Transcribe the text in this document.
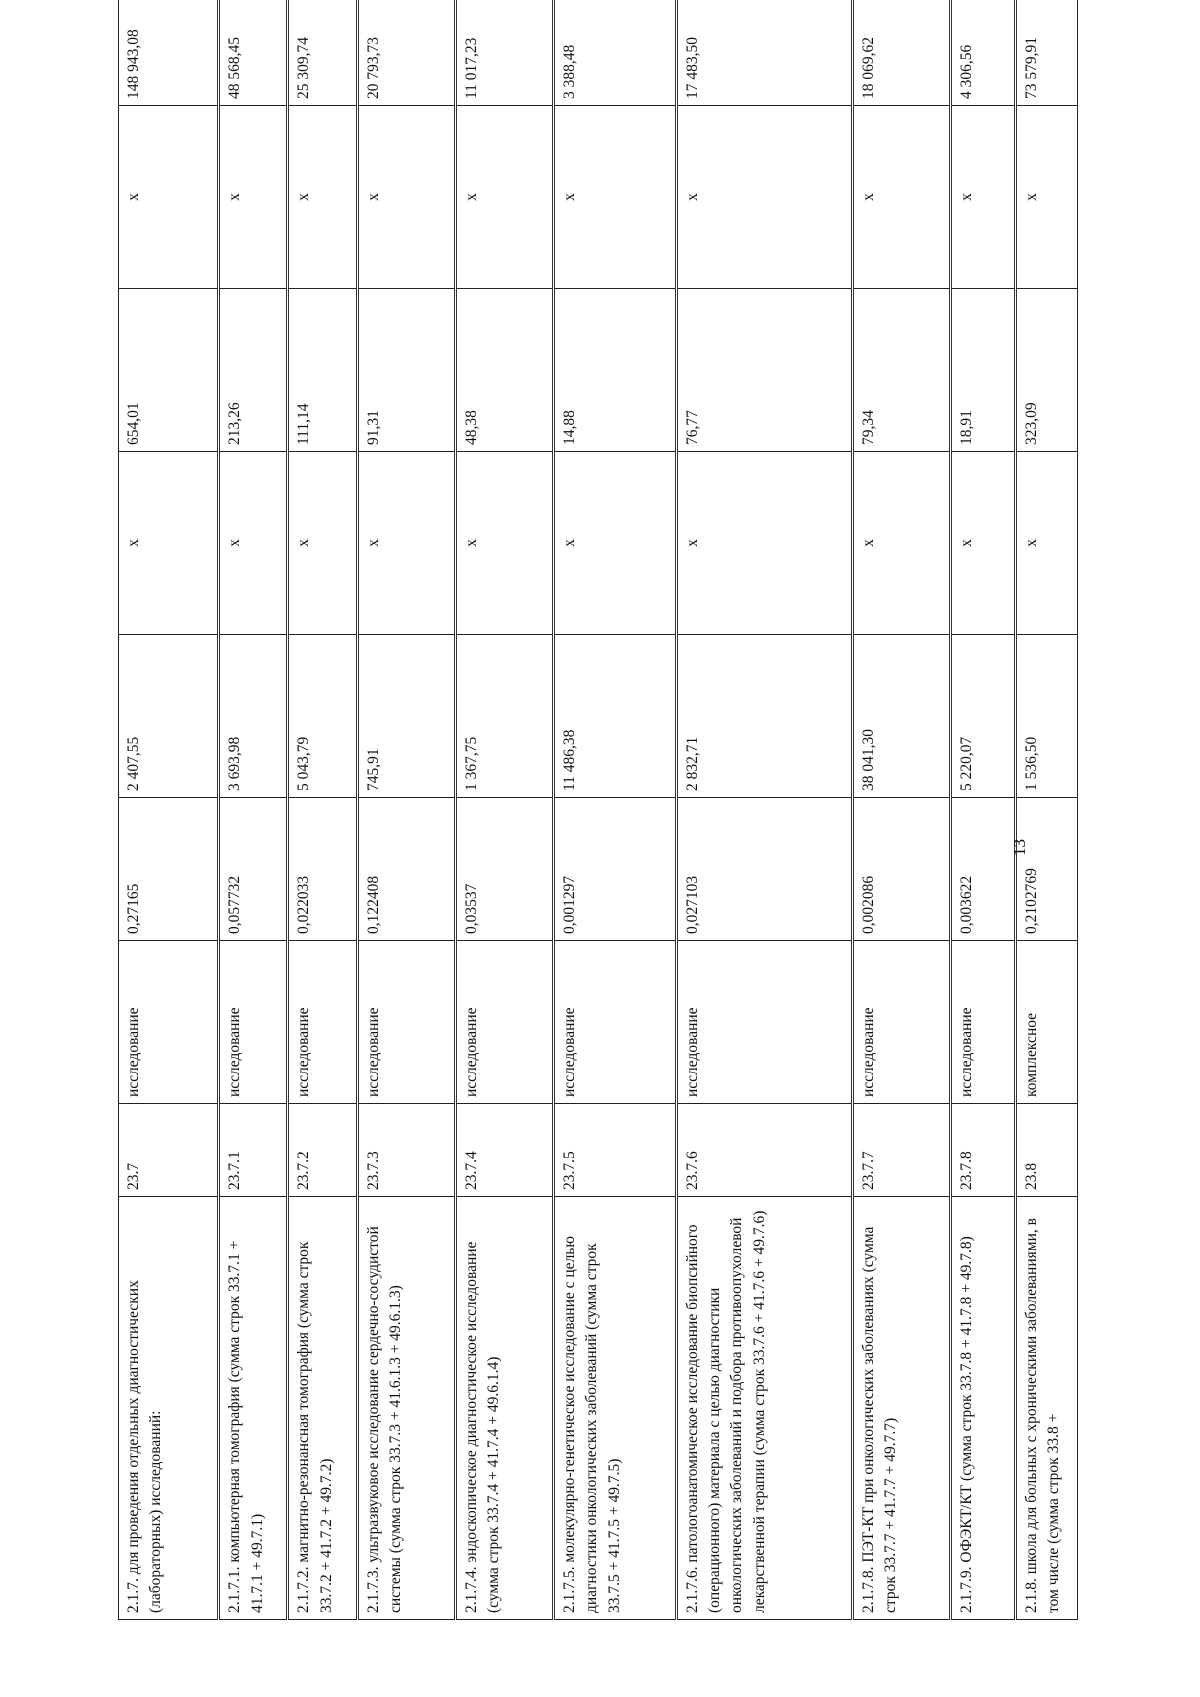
2.1.7. для проведения отдельных диагностических (лабораторных) исследований:	23.7	исследование	0,27165	2 407,55	x	654,01	x	148 943,08	
2.1.7.1. компьютерная томография (сумма строк 33.7.1 + 41.7.1 + 49.7.1)	23.7.1	исследование	0,057732	3 693,98	x	213,26	x	48 568,45	
2.1.7.2. магнитно-резонансная томография (сумма строк 33.7.2 + 41.7.2 + 49.7.2)	23.7.2	исследование	0,022033	5 043,79	x	111,14	x	25 309,74	
2.1.7.3. ультразвуковое исследование сердечно-сосудистой системы (сумма строк 33.7.3 + 41.6.1.3 + 49.6.1.3)	23.7.3	исследование	0,122408	745,91	x	91,31	x	20 793,73	
2.1.7.4. эндоскопическое диагностическое исследование (сумма строк 33.7.4 + 41.7.4 + 49.6.1.4)	23.7.4	исследование	0,03537	1 367,75	x	48,38	x	11 017,23	
2.1.7.5. молекулярно-генетическое исследование с целью диагностики онкологических заболеваний (сумма строк 33.7.5 + 41.7.5 + 49.7.5)	23.7.5	исследование	0,001297	11 486,38	x	14,88	x	3 388,48	
2.1.7.6. патологоанатомическое исследование биопсийного (операционного) материала с целью диагностики онкологических заболеваний и подбора противоопухолевой лекарственной терапии (сумма строк 33.7.6 + 41.7.6 + 49.7.6)	23.7.6	исследование	0,027103	2 832,71	x	76,77	x	17 483,50	
2.1.7.8. ПЭТ-КТ при онкологических заболеваниях (сумма строк 33.7.7 + 41.7.7 + 49.7.7)	23.7.7	исследование	0,002086	38 041,30	x	79,34	x	18 069,62	
2.1.7.9. ОФЭКТ/КТ (сумма строк 33.7.8 + 41.7.8 + 49.7.8)	23.7.8	исследование	0,003622	5 220,07	x	18,91	x	4 306,56	
2.1.8. школа для больных с хроническими заболеваниями, в том числе (сумма строк 33.8 +	23.8	комплексное	0,2102769	1 536,50	x	323,09	x	73 579,91	
13
